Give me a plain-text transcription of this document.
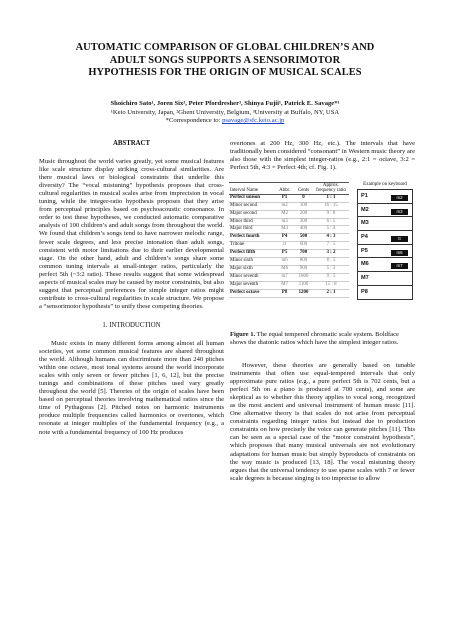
AUTOMATIC COMPARISON OF GLOBAL CHILDREN’S AND
ADULT SONGS SUPPORTS A SENSORIMOTOR
HYPOTHESIS FOR THE ORIGIN OF MUSICAL SCALES
Shoichiro Sato¹, Joren Six², Peter Pfordresher³, Shinya Fujii¹, Patrick E. Savage*¹
¹Keio University, Japan, ²Ghent University, Belgium, ³University at Buffalo, NY, USA
*Correspondence to: psavage@sfc.keio.ac.jp
ABSTRACT

Music throughout the world varies greatly, yet some musical features like scale structure display striking cross-cultural similarities. Are there musical laws or biological constraints that underlie this diversity? The “vocal mistuning” hypothesis proposes that cross-cultural regularities in musical scales arise from imprecision in vocal tuning, while the integer-ratio hypothesis proposes that they arise from perceptual principles based on psychoacoustic consonance. In order to test these hypotheses, we conducted automatic comparative analysis of 100 children’s and adult songs from throughout the world. We found that children’s songs tend to have narrower melodic range, fewer scale degrees, and less precise intonation than adult songs, consistent with motor limitations due to their earlier developmental stage. On the other hand, adult and children’s songs share some common tuning intervals at small-integer ratios, particularly the perfect 5th (~3:2 ratio). These results suggest that some widespread aspects of musical scales may be caused by motor constraints, but also suggest that perceptual preferences for simple integer ratios might contribute to cross-cultural regularities in scale structure. We propose a “sensorimotor hypothesis” to unify these competing theories.

1. INTRODUCTION

Music exists in many different forms among almost all human societies, yet some common musical features are shared throughout the world. Although humans can discriminate more than 240 pitches within one octave, most tonal systems around the world incorporate scales with only seven or fewer pitches [1, 6, 12], but the precise tunings and combinations of these pitches used vary greatly throughout the world [5]. Theories of the origin of scales have been based on perceptual theories involving mathematical ratios since the time of Pythagoras [2]. Pitched notes on harmonic instruments produce multiple frequencies called harmonics or overtones, which resonate at integer multiples of the fundamental frequency (e.g., a note with a fundamental frequency of 100 Hz produces

overtones at 200 Hz, 300 Hz, etc.). The intervals that have traditionally been considered “consonant” in Western music theory are also those with the simplest integer-ratios (e.g., 2:1 = octave, 3:2 = Perfect 5th, 4:3 = Perfect 4th; cf. Fig. 1).

Interval Name	Abbr.	Cents	Approx. frequency ratio
Perfect unison	P1	0	1 : 1
Minor second	m2	100	16 : 15
Major second	M2	200	9 : 8
Minor third	m3	300	6 : 5
Major third	M3	400	5 : 4
Perfect fourth	P4	500	4 : 3
Tritone	tt	600	7 : 5
Perfect fifth	P5	700	3 : 2
Minor sixth	m6	800	8 : 5
Major sixth	M6	900	5 : 3
Minor seventh	m7	1000	9 : 5
Major seventh	M7	1100	15 : 8
Perfect octave	P8	1200	2 : 1
Example on keyboard
P1	m2
M2	m3
M3
P4	tt
P5	m6
M6	m7
M7
P8
Figure 1. The equal tempered chromatic scale system. Boldface shows the diatonic ratios which have the simplest integer ratios.

However, these theories are generally based on tunable instruments that often use equal-tempered intervals that only approximate pure ratios (e.g., a pure perfect 5th is 702 cents, but a perfect 5th on a piano is produced at 700 cents), and some are skeptical as to whether this theory applies to vocal song, recognized as the most ancient and universal instrument of human music [11]. One alternative theory is that scales do not arise from perceptual constraints regarding integer ratios but instead due to production constraints on how precisely the voice can generate pitches [11]. This can be seen as a special case of the “motor constraint hypothesis”, which proposes that many musical universals are not evolutionary adaptations for human music but simply byproducts of constraints on the way music is produced [13, 18]. The vocal mistuning theory argues that the universal tendency to use sparse scales with 7 or fewer scale degrees is because singing is too imprecise to allow
